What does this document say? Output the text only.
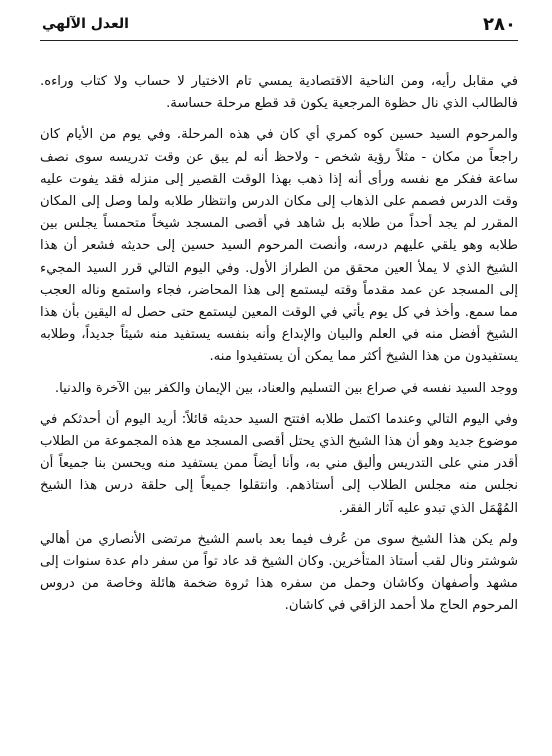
٢٨٠
العدل الآلهي

في مقابل رأيه، ومن الناحية الاقتصادية يمسي تام الاختيار لا حساب ولا كتاب وراءه. فالطالب الذي نال حظوة المرجعية يكون قد قطع مرحلة حساسة.

والمرحوم السيد حسين كوه كمري أي كان في هذه المرحلة. وفي يوم من الأيام كان راجعاً من مكان - مثلاً رؤية شخص - ولاحظ أنه لم يبق عن وقت تدريسه سوى نصف ساعة ففكر مع نفسه ورأى أنه إذا ذهب بهذا الوقت القصير إلى منزله فقد يفوت عليه وقت الدرس فصمم على الذهاب إلى مكان الدرس وانتظار طلابه ولما وصل إلى المكان المقرر لم يجد أحداً من طلابه بل شاهد في أقصى المسجد شيخاً متحمساً يجلس بين طلابه وهو يلقي عليهم درسه، وأنصت المرحوم السيد حسين إلى حديثه فشعر أن هذا الشيخ الذي لا يملأ العين محقق من الطراز الأول. وفي اليوم التالي قرر السيد المجيء إلى المسجد عن عمد مقدماً وقته ليستمع إلى هذا المحاضر، فجاء واستمع وناله العجب مما سمع. وأخذ في كل يوم يأتي في الوقت المعين ليستمع حتى حصل له اليقين بأن هذا الشيخ أفضل منه في العلم والبيان والإبداع وأنه بنفسه يستفيد منه شيئاً جديداً، وطلابه يستفيدون من هذا الشيخ أكثر مما يمكن أن يستفيدوا منه.

ووجد السيد نفسه في صراع بين التسليم والعناد، بين الإيمان والكفر بين الآخرة والدنيا.

وفي اليوم التالي وعندما اكتمل طلابه افتتح السيد حديثه قائلاً: أريد اليوم أن أحدثكم في موضوع جديد وهو أن هذا الشيخ الذي يحتل أقصى المسجد مع هذه المجموعة من الطلاب أقدر مني على التدريس وأليق مني به، وأنا أيضاً ممن يستفيد منه ويحسن بنا جميعاً أن نجلس منه مجلس الطلاب إلى أستاذهم. وانتقلوا جميعاً إلى حلقة درس هذا الشيخ المُهْمَل الذي تبدو عليه آثار الفقر.

ولم يكن هذا الشيخ سوى من عُرف فيما بعد باسم الشيخ مرتضى الأنصاري من أهالي شوشتر ونال لقب أستاذ المتأخرين. وكان الشيخ قد عاد تواً من سفر دام عدة سنوات إلى مشهد وأصفهان وكاشان وحمل من سفره هذا ثروة ضخمة هائلة وخاصة من دروس المرحوم الحاج ملا أحمد الزاقي في كاشان.
